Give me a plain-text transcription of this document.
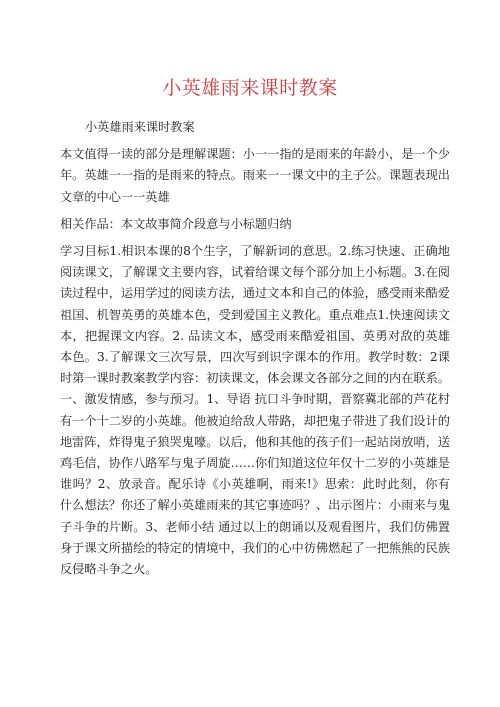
小英雄雨来课时教案

小英雄雨来课时教案

本文值得一读的部分是理解课题：小一一指的是雨来的年龄小，是一个少年。英雄一一指的是雨来的特点。雨来一一课文中的主子公。课题表现出文章的中心一一英雄

相关作品：本文故事简介段意与小标题归纳

学习目标1.相识本课的8个生字，了解新词的意思。2.练习快速、正确地阅读课文，了解课文主要内容，试着给课文每个部分加上小标题。3.在阅读过程中，运用学过的阅读方法，通过文本和自己的体验，感受雨来酷爱祖国、机智英勇的英雄本色，受到爱国主义教化。重点难点1.快速阅读文本，把握课文内容。2. 品读文本，感受雨来酷爱祖国、英勇对敌的英雄本色。3.了解课文三次写景，四次写到识字课本的作用。教学时数：2课时第一课时教案教学内容：初读课文，体会课文各部分之间的内在联系。一、激发情感，参与预习。1、导语 抗口斗争时期，晋察冀北部的芦花村有一个十二岁的小英雄。他被迫给敌人带路，却把鬼子带进了我们设计的地雷阵，炸得鬼子狼哭鬼嚎。以后，他和其他的孩子们一起站岗放哨，送鸡毛信，协作八路军与鬼子周旋……你们知道这位年仅十二岁的小英雄是谁吗？2、放录音。配乐诗《小英雄啊，雨来!》思索：此时此刻，你有什么想法？你还了解小英雄雨来的其它事迹吗？、出示图片：小雨来与鬼子斗争的片断。3、老师小结 通过以上的朗诵以及观看图片，我们仿佛置身于课文所描绘的特定的情境中，我们的心中彷佛燃起了一把熊熊的民族反侵略斗争之火。
